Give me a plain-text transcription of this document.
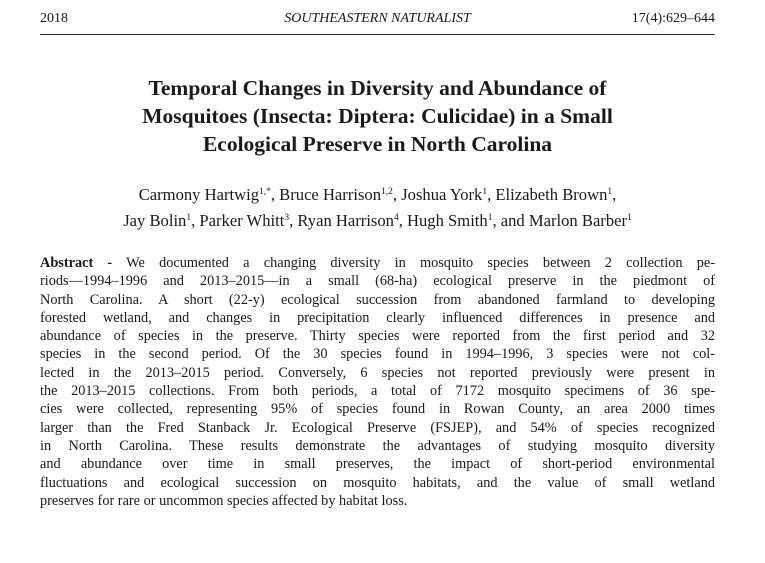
SOUTHEASTERN NATURALIST
2018	17(4):629–644
Temporal Changes in Diversity and Abundance of
Mosquitoes (Insecta: Diptera: Culicidae) in a Small
Ecological Preserve in North Carolina
Carmony Hartwig$^{1,*}$, Bruce Harrison$^{1,2}$, Joshua York$^1$, Elizabeth Brown$^1$,
Jay Bolin$^1$, Parker Whitt$^3$, Ryan Harrison$^4$, Hugh Smith$^1$, and Marlon Barber$^1$
Abstract - We documented a changing diversity in mosquito species between 2 collection pe-
riods—1994–1996 and 2013–2015—in a small (68-ha) ecological preserve in the piedmont of
North Carolina. A short (22-y) ecological succession from abandoned farmland to developing
forested wetland, and changes in precipitation clearly influenced differences in presence and
abundance of species in the preserve. Thirty species were reported from the first period and 32
species in the second period. Of the 30 species found in 1994–1996, 3 species were not col-
lected in the 2013–2015 period. Conversely, 6 species not reported previously were present in
the 2013–2015 collections. From both periods, a total of 7172 mosquito specimens of 36 spe-
cies were collected, representing 95% of species found in Rowan County, an area 2000 times
larger than the Fred Stanback Jr. Ecological Preserve (FSJEP), and 54% of species recognized
in North Carolina. These results demonstrate the advantages of studying mosquito diversity
and abundance over time in small preserves, the impact of short-period environmental
fluctuations and ecological succession on mosquito habitats, and the value of small wetland
preserves for rare or uncommon species affected by habitat loss.
